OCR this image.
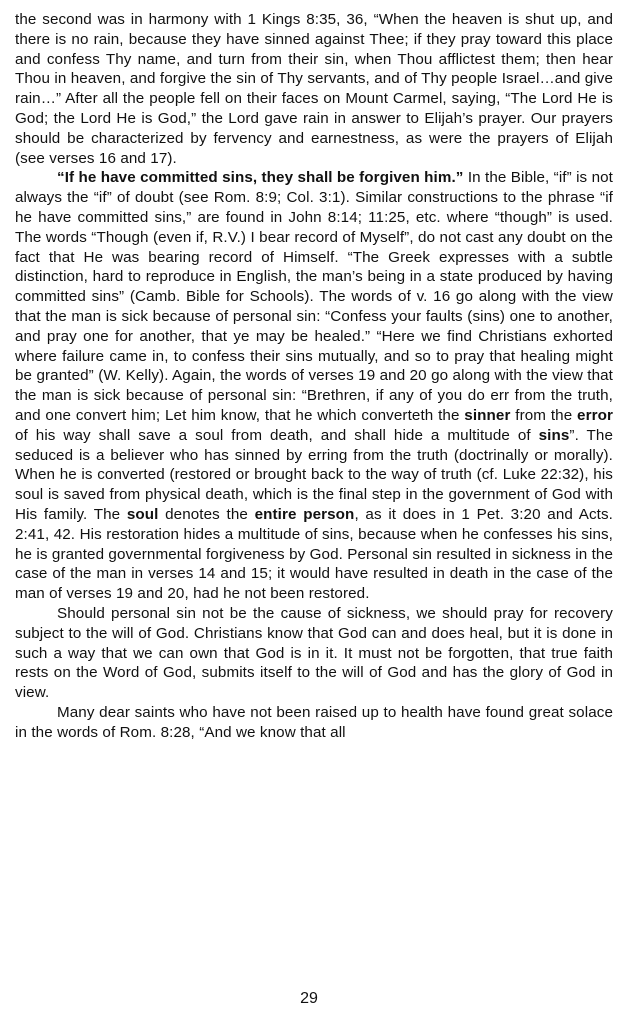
the second was in harmony with 1 Kings 8:35, 36, “When the heaven is shut up, and there is no rain, because they have sinned against Thee; if they pray toward this place and confess Thy name, and turn from their sin, when Thou afflictest them; then hear Thou in heaven, and forgive the sin of Thy servants, and of Thy people Israel…and give rain…” After all the people fell on their faces on Mount Carmel, saying, “The Lord He is God; the Lord He is God,” the Lord gave rain in answer to Elijah’s prayer. Our prayers should be characterized by fervency and earnestness, as were the prayers of Elijah (see verses 16 and 17).

“If he have committed sins, they shall be forgiven him.” In the Bible, “if” is not always the “if” of doubt (see Rom. 8:9; Col. 3:1). Similar constructions to the phrase “if he have committed sins,” are found in John 8:14; 11:25, etc. where “though” is used. The words “Though (even if, R.V.) I bear record of Myself”, do not cast any doubt on the fact that He was bearing record of Himself. “The Greek expresses with a subtle distinction, hard to reproduce in English, the man’s being in a state produced by having committed sins” (Camb. Bible for Schools). The words of v. 16 go along with the view that the man is sick because of personal sin: “Confess your faults (sins) one to another, and pray one for another, that ye may be healed.” “Here we find Christians exhorted where failure came in, to confess their sins mutually, and so to pray that healing might be granted” (W. Kelly). Again, the words of verses 19 and 20 go along with the view that the man is sick because of personal sin: “Brethren, if any of you do err from the truth, and one convert him; Let him know, that he which converteth the sinner from the error of his way shall save a soul from death, and shall hide a multitude of sins”. The seduced is a believer who has sinned by erring from the truth (doctrinally or morally). When he is converted (restored or brought back to the way of truth (cf. Luke 22:32), his soul is saved from physical death, which is the final step in the government of God with His family. The soul denotes the entire person, as it does in 1 Pet. 3:20 and Acts. 2:41, 42. His restoration hides a multitude of sins, because when he confesses his sins, he is granted governmental forgiveness by God. Personal sin resulted in sickness in the case of the man in verses 14 and 15; it would have resulted in death in the case of the man of verses 19 and 20, had he not been restored.

Should personal sin not be the cause of sickness, we should pray for recovery subject to the will of God. Christians know that God can and does heal, but it is done in such a way that we can own that God is in it. It must not be forgotten, that true faith rests on the Word of God, submits itself to the will of God and has the glory of God in view.

Many dear saints who have not been raised up to health have found great solace in the words of Rom. 8:28, “And we know that all

29
